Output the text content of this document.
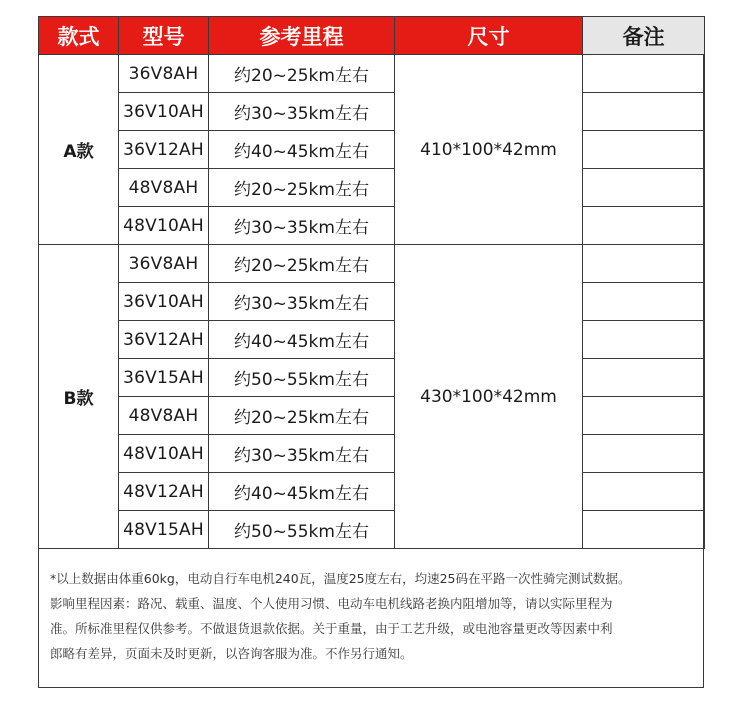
款式	型号	参考里程	尺寸	备注
A款	36V8AH	约20~25km左右	410*100*42mm	
	36V10AH	约30~35km左右		
	36V12AH	约40~45km左右		
	48V8AH	约20~25km左右		
	48V10AH	约30~35km左右		
B款	36V8AH	约20~25km左右	430*100*42mm	
	36V10AH	约30~35km左右		
	36V12AH	约40~45km左右		
	36V15AH	约50~55km左右		
	48V8AH	约20~25km左右		
	48V10AH	约30~35km左右		
	48V12AH	约40~45km左右		
	48V15AH	约50~55km左右		
*以上数据由体重60kg，电动自行车电机240瓦，温度25度左右，均速25码在平路一次性骑完测试数据。
影响里程因素：路况、载重、温度、个人使用习惯、电动车电机线路老换内阻增加等，请以实际里程为
准。所标准里程仅供参考。不做退货退款依据。关于重量，由于工艺升级，或电池容量更改等因素中利
郎略有差异，页面未及时更新，以咨询客服为准。不作另行通知。
